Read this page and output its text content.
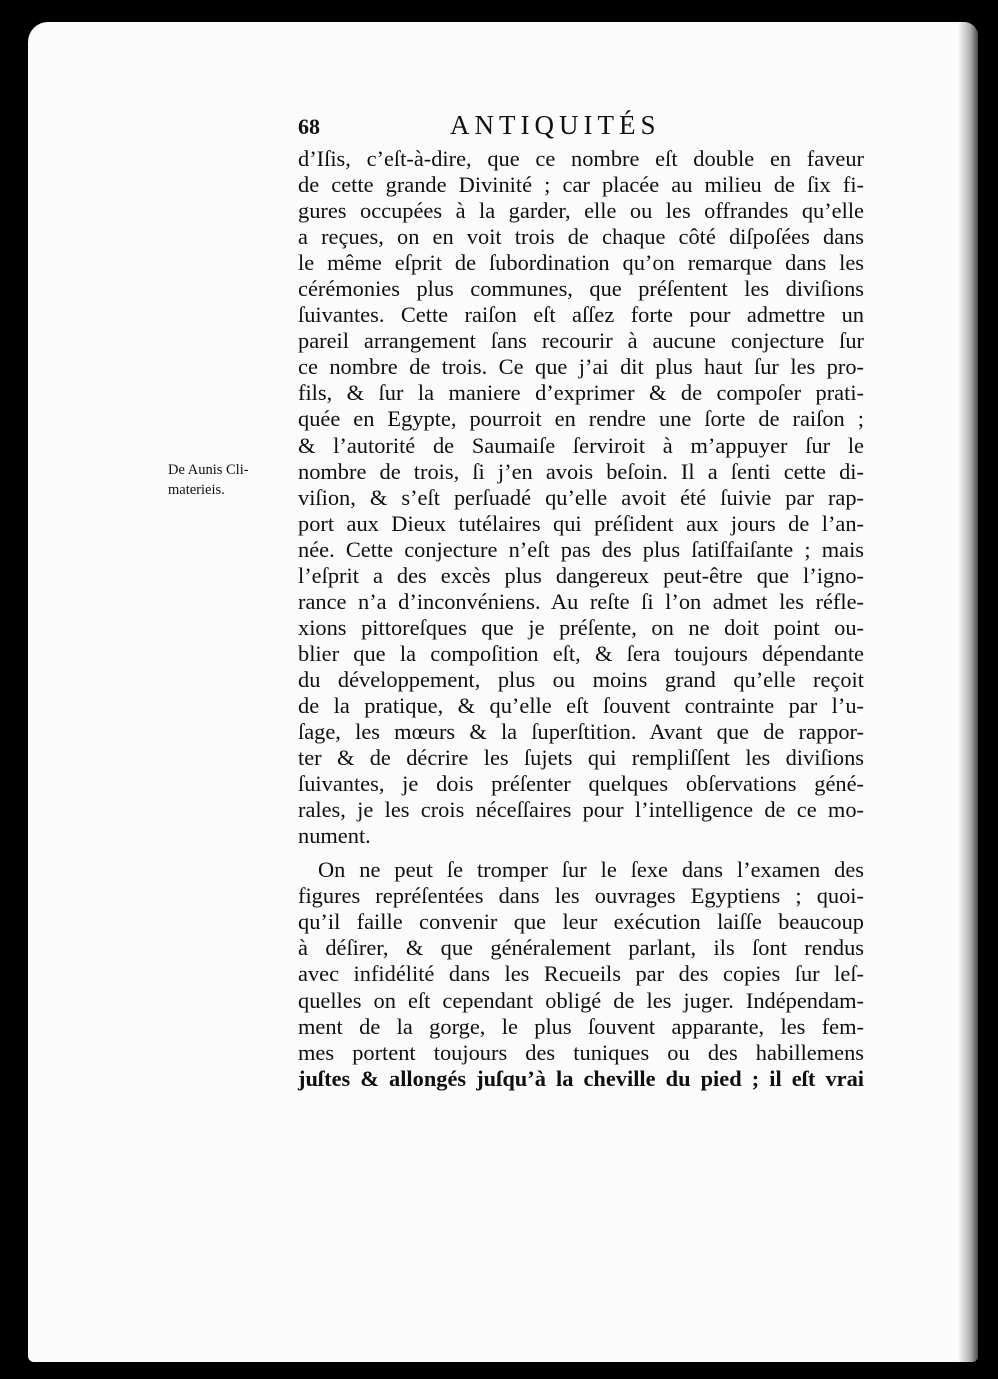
68	ANTIQUITÉS
De Aunis Cli-
materieis.
d’Iſis, c’eſt-à-dire, que ce nombre eſt double en faveur
de cette grande Divinité ; car placée au milieu de ſix fi-
gures occupées à la garder, elle ou les offrandes qu’elle
a reçues, on en voit trois de chaque côté diſpoſées dans
le même eſprit de ſubordination qu’on remarque dans les
cérémonies plus communes, que préſentent les diviſions
ſuivantes. Cette raiſon eſt aſſez forte pour admettre un
pareil arrangement ſans recourir à aucune conjecture ſur
ce nombre de trois. Ce que j’ai dit plus haut ſur les pro-
fils, & ſur la maniere d’exprimer & de compoſer prati-
quée en Egypte, pourroit en rendre une ſorte de raiſon ;
& l’autorité de Saumaiſe ſerviroit à m’appuyer ſur le
nombre de trois, ſi j’en avois beſoin. Il a ſenti cette di-
viſion, & s’eſt perſuadé qu’elle avoit été ſuivie par rap-
port aux Dieux tutélaires qui préſident aux jours de l’an-
née. Cette conjecture n’eſt pas des plus ſatiſfaiſante ; mais
l’eſprit a des excès plus dangereux peut-être que l’igno-
rance n’a d’inconvéniens. Au reſte ſi l’on admet les réfle-
xions pittoreſques que je préſente, on ne doit point ou-
blier que la compoſition eſt, & ſera toujours dépendante
du développement, plus ou moins grand qu’elle reçoit
de la pratique, & qu’elle eſt ſouvent contrainte par l’u-
ſage, les mœurs & la ſuperſtition. Avant que de rappor-
ter & de décrire les ſujets qui rempliſſent les diviſions
ſuivantes, je dois préſenter quelques obſervations géné-
rales, je les crois néceſſaires pour l’intelligence de ce mo-
nument.
On ne peut ſe tromper ſur le ſexe dans l’examen des
figures repréſentées dans les ouvrages Egyptiens ; quoi-
qu’il faille convenir que leur exécution laiſſe beaucoup
à déſirer, & que généralement parlant, ils ſont rendus
avec infidélité dans les Recueils par des copies ſur leſ-
quelles on eſt cependant obligé de les juger. Indépendam-
ment de la gorge, le plus ſouvent apparante, les fem-
mes portent toujours des tuniques ou des habillemens
juſtes & allongés juſqu’à la cheville du pied ; il eſt vrai
